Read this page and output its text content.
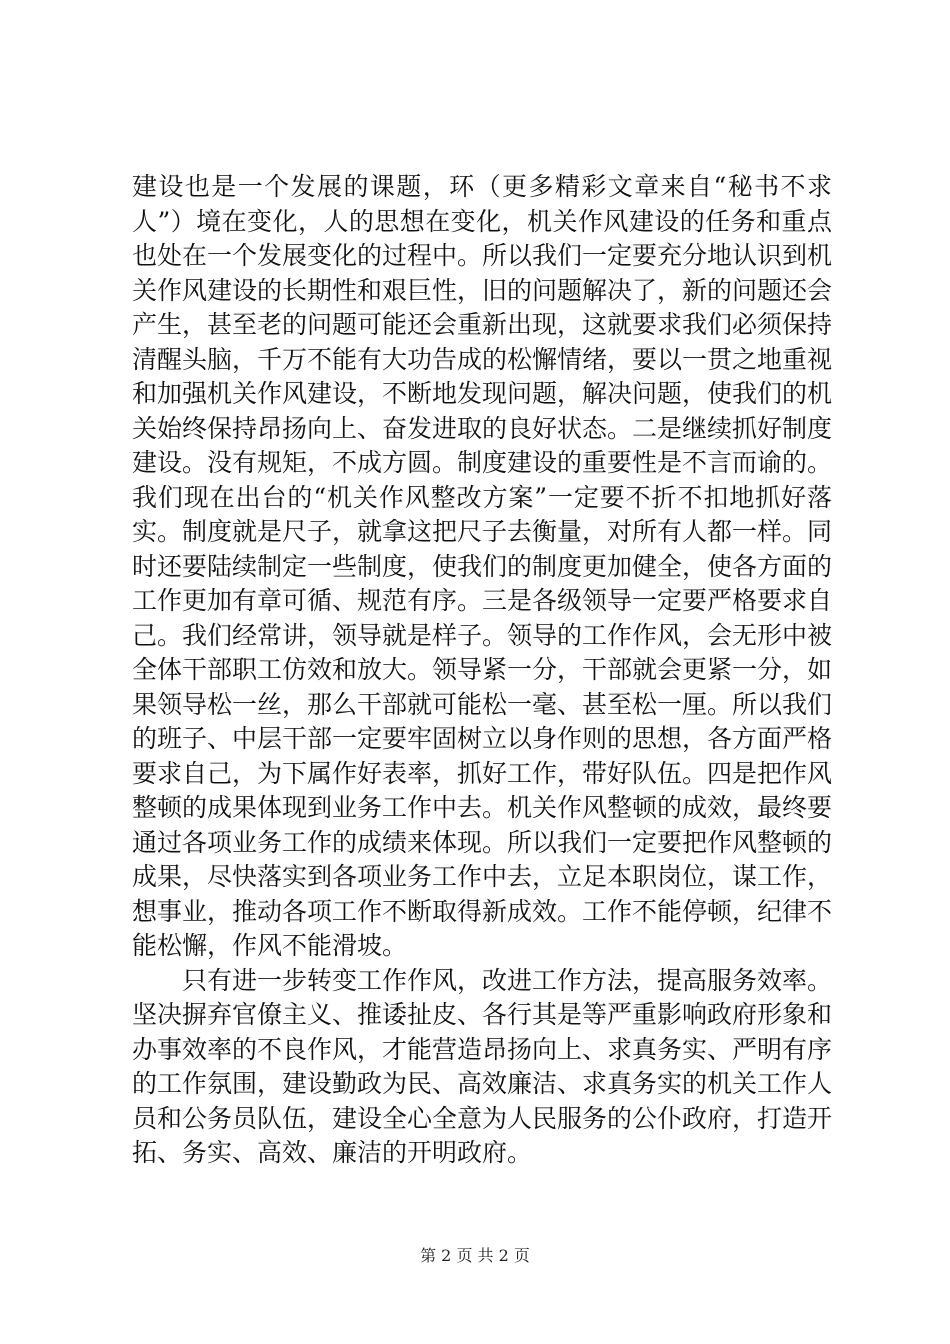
建设也是一个发展的课题，环（更多精彩文章来自“秘书不求人”）境在变化，人的思想在变化，机关作风建设的任务和重点也处在一个发展变化的过程中。所以我们一定要充分地认识到机关作风建设的长期性和艰巨性，旧的问题解决了，新的问题还会产生，甚至老的问题可能还会重新出现，这就要求我们必须保持清醒头脑，千万不能有大功告成的松懈情绪，要以一贯之地重视和加强机关作风建设，不断地发现问题，解决问题，使我们的机关始终保持昂扬向上、奋发进取的良好状态。二是继续抓好制度建设。没有规矩，不成方圆。制度建设的重要性是不言而谕的。我们现在出台的“机关作风整改方案”一定要不折不扣地抓好落实。制度就是尺子，就拿这把尺子去衡量，对所有人都一样。同时还要陆续制定一些制度，使我们的制度更加健全，使各方面的工作更加有章可循、规范有序。三是各级领导一定要严格要求自己。我们经常讲，领导就是样子。领导的工作作风，会无形中被全体干部职工仿效和放大。领导紧一分，干部就会更紧一分，如果领导松一丝，那么干部就可能松一毫、甚至松一厘。所以我们的班子、中层干部一定要牢固树立以身作则的思想，各方面严格要求自己，为下属作好表率，抓好工作，带好队伍。四是把作风整顿的成果体现到业务工作中去。机关作风整顿的成效，最终要通过各项业务工作的成绩来体现。所以我们一定要把作风整顿的成果，尽快落实到各项业务工作中去，立足本职岗位，谋工作，想事业，推动各项工作不断取得新成效。工作不能停顿，纪律不能松懈，作风不能滑坡。

只有进一步转变工作作风，改进工作方法，提高服务效率。坚决摒弃官僚主义、推诿扯皮、各行其是等严重影响政府形象和办事效率的不良作风，才能营造昂扬向上、求真务实、严明有序的工作氛围，建设勤政为民、高效廉洁、求真务实的机关工作人员和公务员队伍，建设全心全意为人民服务的公仆政府，打造开拓、务实、高效、廉洁的开明政府。

第 2 页 共 2 页
